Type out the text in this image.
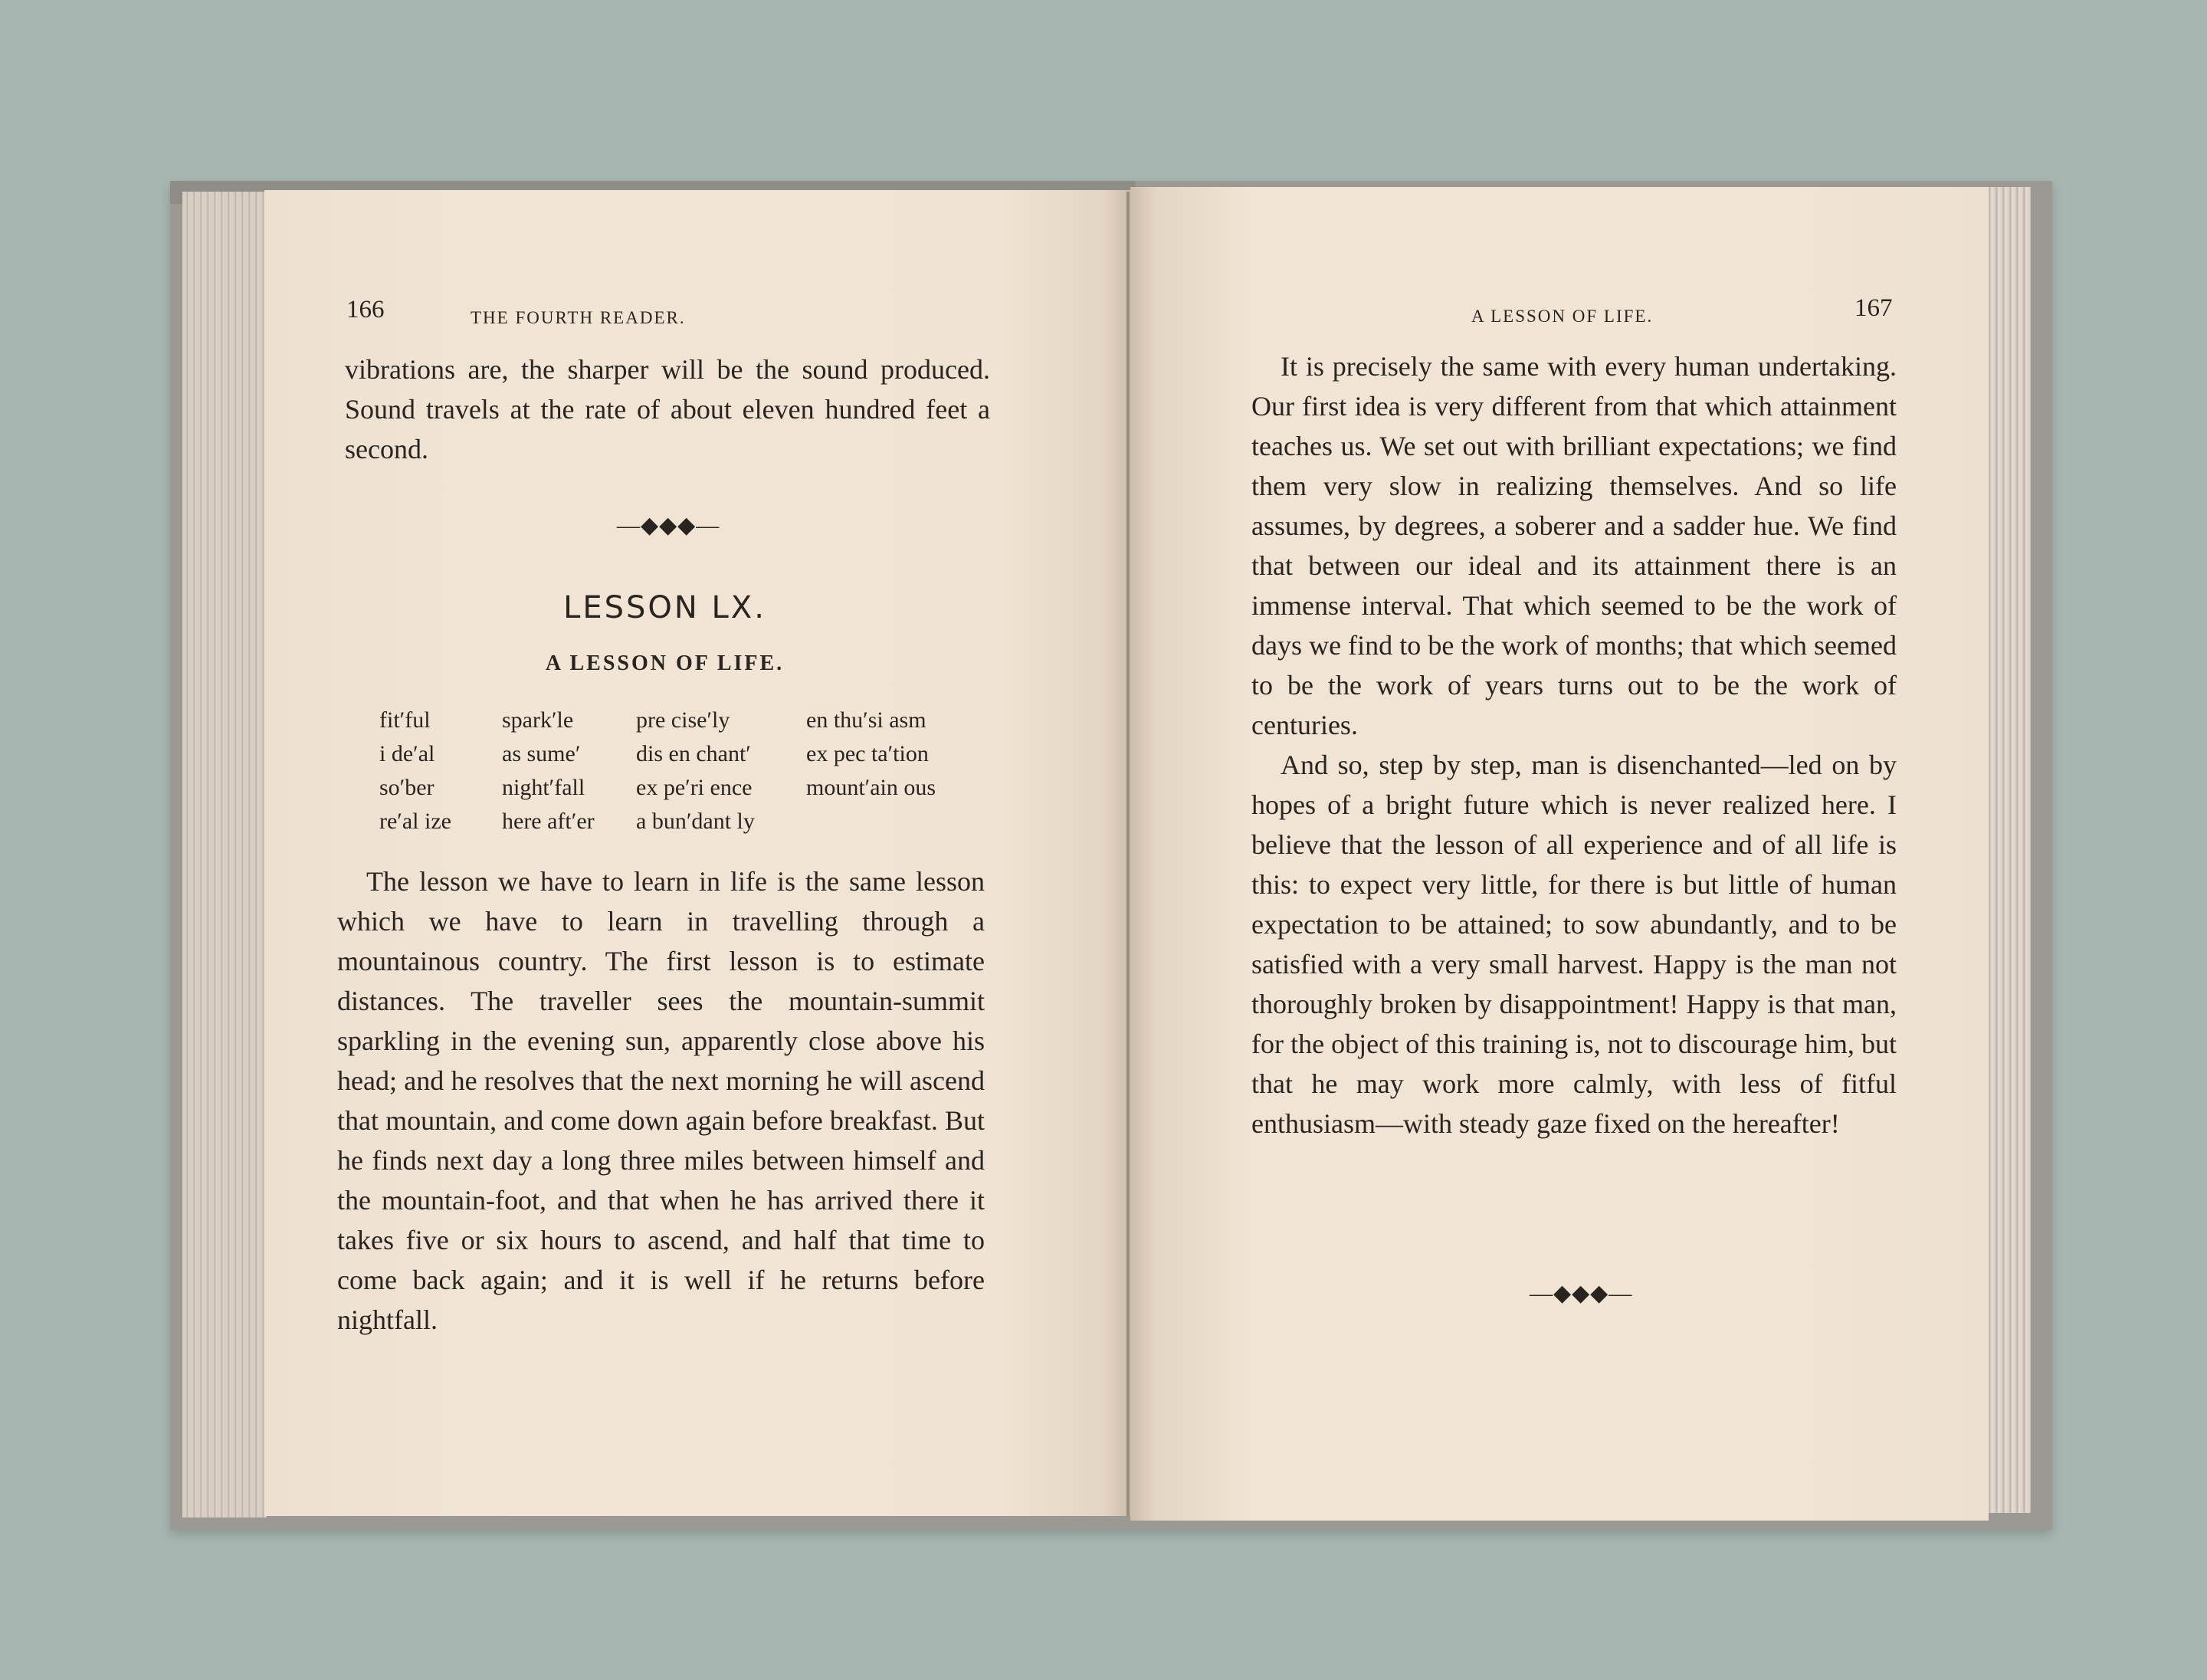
166	THE FOURTH READER.

vibrations are, the sharper will be the sound produced. Sound travels at the rate of about eleven hundred feet a second.

—◆◆◆—
LESSON LX.
A LESSON OF LIFE.
fit′ful	spark′le	pre cise′ly	en thu′si asm
i de′al	as sume′	dis en chant′	ex pec ta′tion
so′ber	night′fall	ex pe′ri ence	mount′ain ous
re′al ize	here aft′er	a bun′dant ly

The lesson we have to learn in life is the same lesson which we have to learn in travelling through a mountainous country. The first lesson is to estimate distances. The traveller sees the mountain-summit sparkling in the evening sun, apparently close above his head; and he resolves that the next morning he will ascend that mountain, and come down again before breakfast. But he finds next day a long three miles between himself and the mountain-foot, and that when he has arrived there it takes five or six hours to ascend, and half that time to come back again; and it is well if he returns before nightfall.

A LESSON OF LIFE.	167

It is precisely the same with every human undertaking. Our first idea is very different from that which attainment teaches us. We set out with brilliant expectations; we find them very slow in realizing themselves. And so life assumes, by degrees, a soberer and a sadder hue. We find that between our ideal and its attainment there is an immense interval. That which seemed to be the work of days we find to be the work of months; that which seemed to be the work of years turns out to be the work of centuries.

And so, step by step, man is disenchanted—led on by hopes of a bright future which is never realized here. I believe that the lesson of all experience and of all life is this: to expect very little, for there is but little of human expectation to be attained; to sow abundantly, and to be satisfied with a very small harvest. Happy is the man not thoroughly broken by disappointment! Happy is that man, for the object of this training is, not to discourage him, but that he may work more calmly, with less of fitful enthusiasm—with steady gaze fixed on the hereafter!

—◆◆◆—
